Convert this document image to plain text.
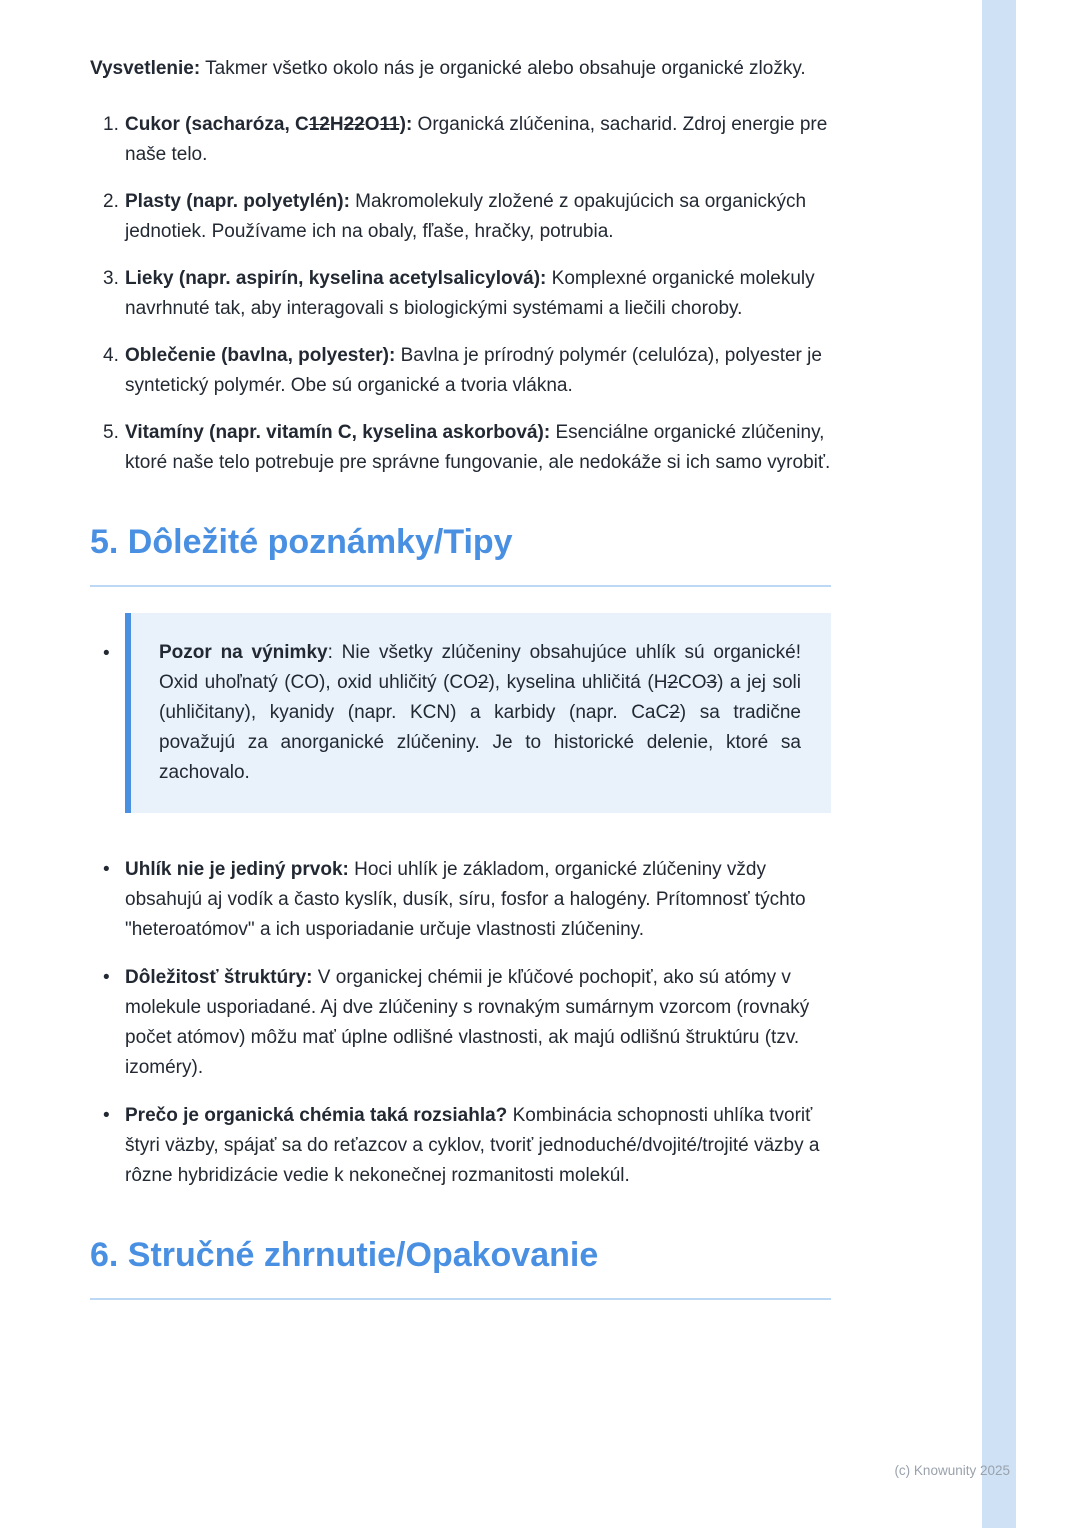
Vysvetlenie: Takmer všetko okolo nás je organické alebo obsahuje organické zložky.

1. Cukor (sacharóza, C12H22O11): Organická zlúčenina, sacharid. Zdroj energie pre naše telo.
2. Plasty (napr. polyetylén): Makromolekuly zložené z opakujúcich sa organických jednotiek. Používame ich na obaly, fľaše, hračky, potrubia.
3. Lieky (napr. aspirín, kyselina acetylsalicylová): Komplexné organické molekuly navrhnuté tak, aby interagovali s biologickými systémami a liečili choroby.
4. Oblečenie (bavlna, polyester): Bavlna je prírodný polymér (celulóza), polyester je syntetický polymér. Obe sú organické a tvoria vlákna.
5. Vitamíny (napr. vitamín C, kyselina askorbová): Esenciálne organické zlúčeniny, ktoré naše telo potrebuje pre správne fungovanie, ale nedokáže si ich samo vyrobiť.
5. Dôležité poznámky/Tipy
•	Pozor na výnimky: Nie všetky zlúčeniny obsahujúce uhlík sú organické! Oxid uhoľnatý (CO), oxid uhličitý (CO2), kyselina uhličitá (H2CO3) a jej soli (uhličitany), kyanidy (napr. KCN) a karbidy (napr. CaC2) sa tradične považujú za anorganické zlúčeniny. Je to historické delenie, ktoré sa zachovalo.
• Uhlík nie je jediný prvok: Hoci uhlík je základom, organické zlúčeniny vždy obsahujú aj vodík a často kyslík, dusík, síru, fosfor a halogény. Prítomnosť týchto "heteroatómov" a ich usporiadanie určuje vlastnosti zlúčeniny.
• Dôležitosť štruktúry: V organickej chémii je kľúčové pochopiť, ako sú atómy v molekule usporiadané. Aj dve zlúčeniny s rovnakým sumárnym vzorcom (rovnaký počet atómov) môžu mať úplne odlišné vlastnosti, ak majú odlišnú štruktúru (tzv. izoméry).
• Prečo je organická chémia taká rozsiahla? Kombinácia schopnosti uhlíka tvoriť štyri väzby, spájať sa do reťazcov a cyklov, tvoriť jednoduché/dvojité/trojité väzby a rôzne hybridizácie vedie k nekonečnej rozmanitosti molekúl.
6. Stručné zhrnutie/Opakovanie
(c) Knowunity 2025
